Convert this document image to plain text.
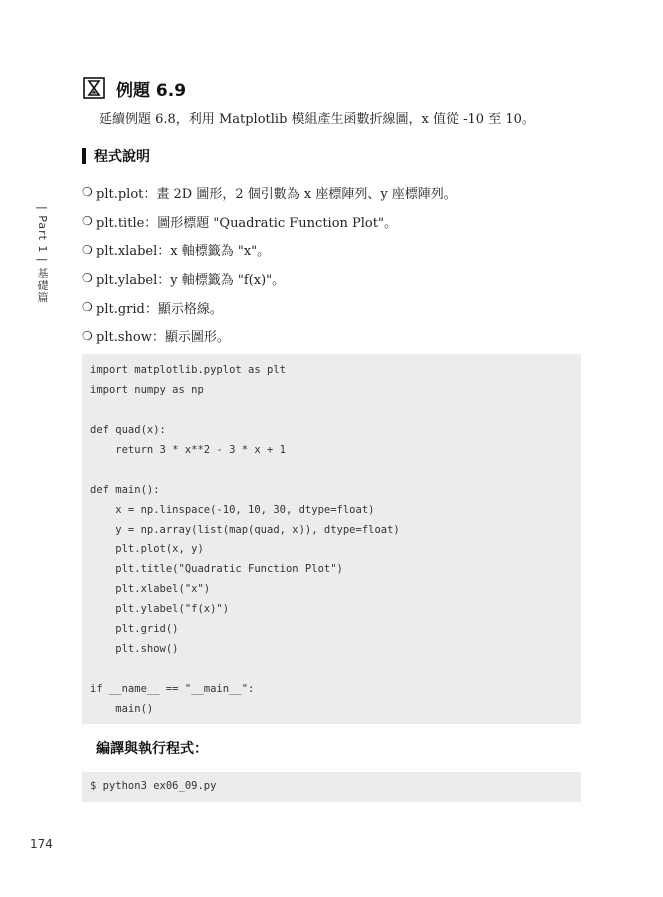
| Part 1 | 基礎篇
例題 6.9
延續例題 6.8，利用 Matplotlib 模組產生函數折線圖，x 值從 -10 至 10。
程式說明
❍ plt.plot：畫 2D 圖形，2 個引數為 x 座標陣列、y 座標陣列。
❍ plt.title：圖形標題 "Quadratic Function Plot"。
❍ plt.xlabel：x 軸標籤為 "x"。
❍ plt.ylabel：y 軸標籤為 "f(x)"。
❍ plt.grid：顯示格線。
❍ plt.show：顯示圖形。
import matplotlib.pyplot as plt
import numpy as np
def quad(x):
return 3 * x**2 - 3 * x + 1
def main():
x = np.linspace(-10, 10, 30, dtype=float)
y = np.array(list(map(quad, x)), dtype=float)
plt.plot(x, y)
plt.title("Quadratic Function Plot")
plt.xlabel("x")
plt.ylabel("f(x)")
plt.grid()
plt.show()
if __name__ == "__main__":
main()
編譯與執行程式：
$ python3 ex06_09.py
174
